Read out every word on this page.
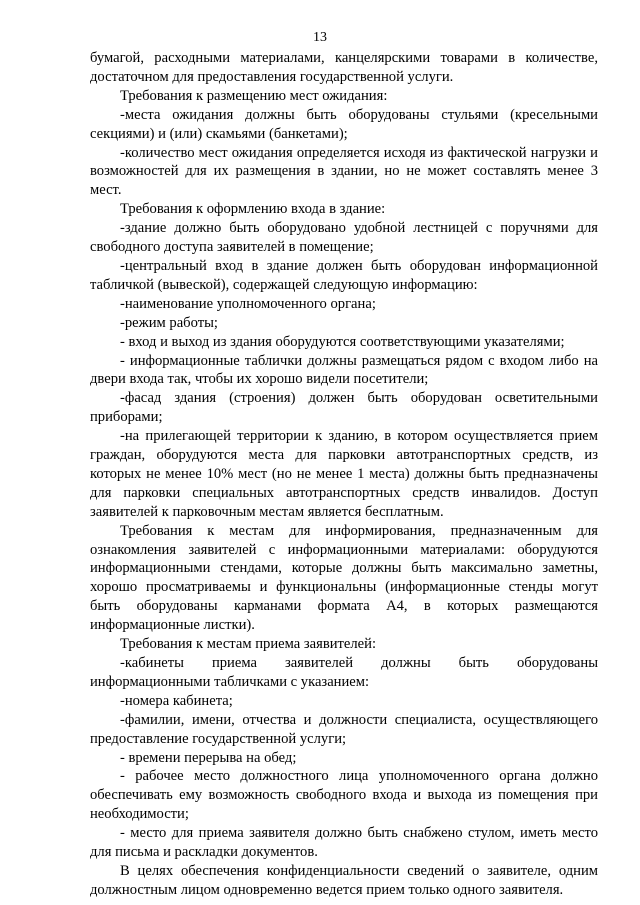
13

бумагой, расходными материалами, канцелярскими товарами в количестве, достаточном для предоставления государственной услуги.

Требования к размещению мест ожидания:

-места ожидания должны быть оборудованы стульями (кресельными секциями) и (или) скамьями (банкетами);

-количество мест ожидания определяется исходя из фактической нагрузки и возможностей для их размещения в здании, но не может составлять менее 3 мест.

Требования к оформлению входа в здание:

-здание должно быть оборудовано удобной лестницей с поручнями для свободного доступа заявителей в помещение;

-центральный вход в здание должен быть оборудован информационной табличкой (вывеской), содержащей следующую информацию:

-наименование уполномоченного органа;

-режим работы;

- вход и выход из здания оборудуются соответствующими указателями;

- информационные таблички должны размещаться рядом с входом либо на двери входа так, чтобы их хорошо видели посетители;

-фасад здания (строения) должен быть оборудован осветительными приборами;

-на прилегающей территории к зданию, в котором осуществляется прием граждан, оборудуются места для парковки автотранспортных средств, из которых не менее 10% мест (но не менее 1 места) должны быть предназначены для парковки специальных автотранспортных средств инвалидов. Доступ заявителей к парковочным местам является бесплатным.

Требования к местам для информирования, предназначенным для ознакомления заявителей с информационными материалами: оборудуются информационными стендами, которые должны быть максимально заметны, хорошо просматриваемы и функциональны (информационные стенды могут быть оборудованы карманами формата А4, в которых размещаются информационные листки).

Требования к местам приема заявителей:

-кабинеты приема заявителей должны быть оборудованы информационными табличками с указанием:

-номера кабинета;

-фамилии, имени, отчества и должности специалиста, осуществляющего предоставление государственной услуги;

- времени перерыва на обед;

- рабочее место должностного лица уполномоченного органа должно обеспечивать ему возможность свободного входа и выхода из помещения при необходимости;

- место для приема заявителя должно быть снабжено стулом, иметь место для письма и раскладки документов.

В целях обеспечения конфиденциальности сведений о заявителе, одним должностным лицом одновременно ведется прием только одного заявителя.
